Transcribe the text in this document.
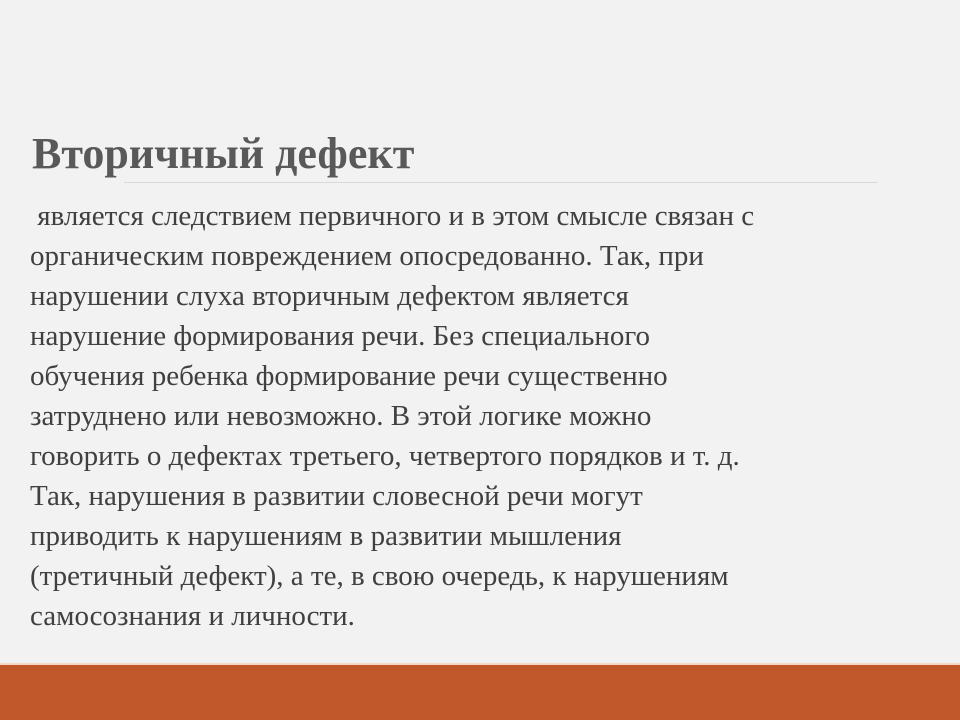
Вторичный дефект

является следствием первичного и в этом смысле связан с
органическим повреждением опосредованно. Так, при
нарушении слуха вторичным дефектом является
нарушение формирования речи. Без специального
обучения ребенка формирование речи существенно
затруднено или невозможно. В этой логике можно
говорить о дефектах третьего, четвертого порядков и т. д.
Так, нарушения в развитии словесной речи могут
приводить к нарушениям в развитии мышления
(третичный дефект), а те, в свою очередь, к нарушениям
самосознания и личности.
